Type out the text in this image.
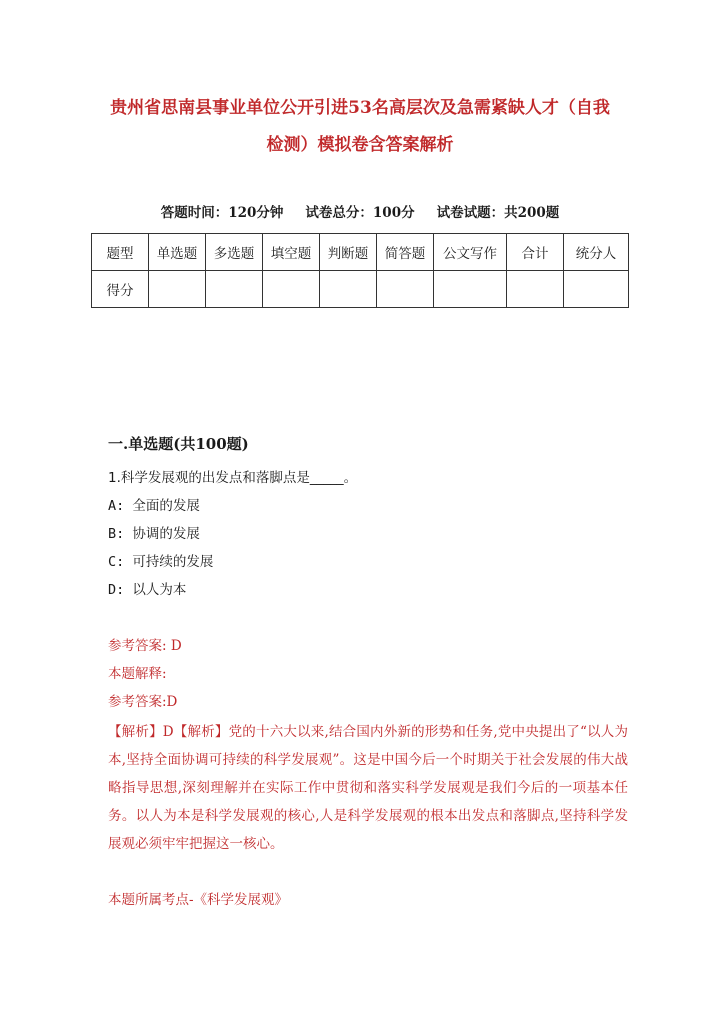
贵州省思南县事业单位公开引进53名高层次及急需紧缺人才（自我
检测）模拟卷含答案解析
答题时间：120分钟 试卷总分：100分 试卷试题：共200题
题型	单选题	多选题	填空题	判断题	简答题	公文写作	合计	统分人
得分								
一.单选题(共100题)
1.科学发展观的出发点和落脚点是_____。
A: 全面的发展
B: 协调的发展
C: 可持续的发展
D: 以人为本
参考答案: D
本题解释:
参考答案:D
【解析】D【解析】党的十六大以来,结合国内外新的形势和任务,党中央提出了“以人为本,坚持全面协调可持续的科学发展观”。这是中国今后一个时期关于社会发展的伟大战略指导思想,深刻理解并在实际工作中贯彻和落实科学发展观是我们今后的一项基本任务。以人为本是科学发展观的核心,人是科学发展观的根本出发点和落脚点,坚持科学发展观必须牢牢把握这一核心。
本题所属考点-《科学发展观》
